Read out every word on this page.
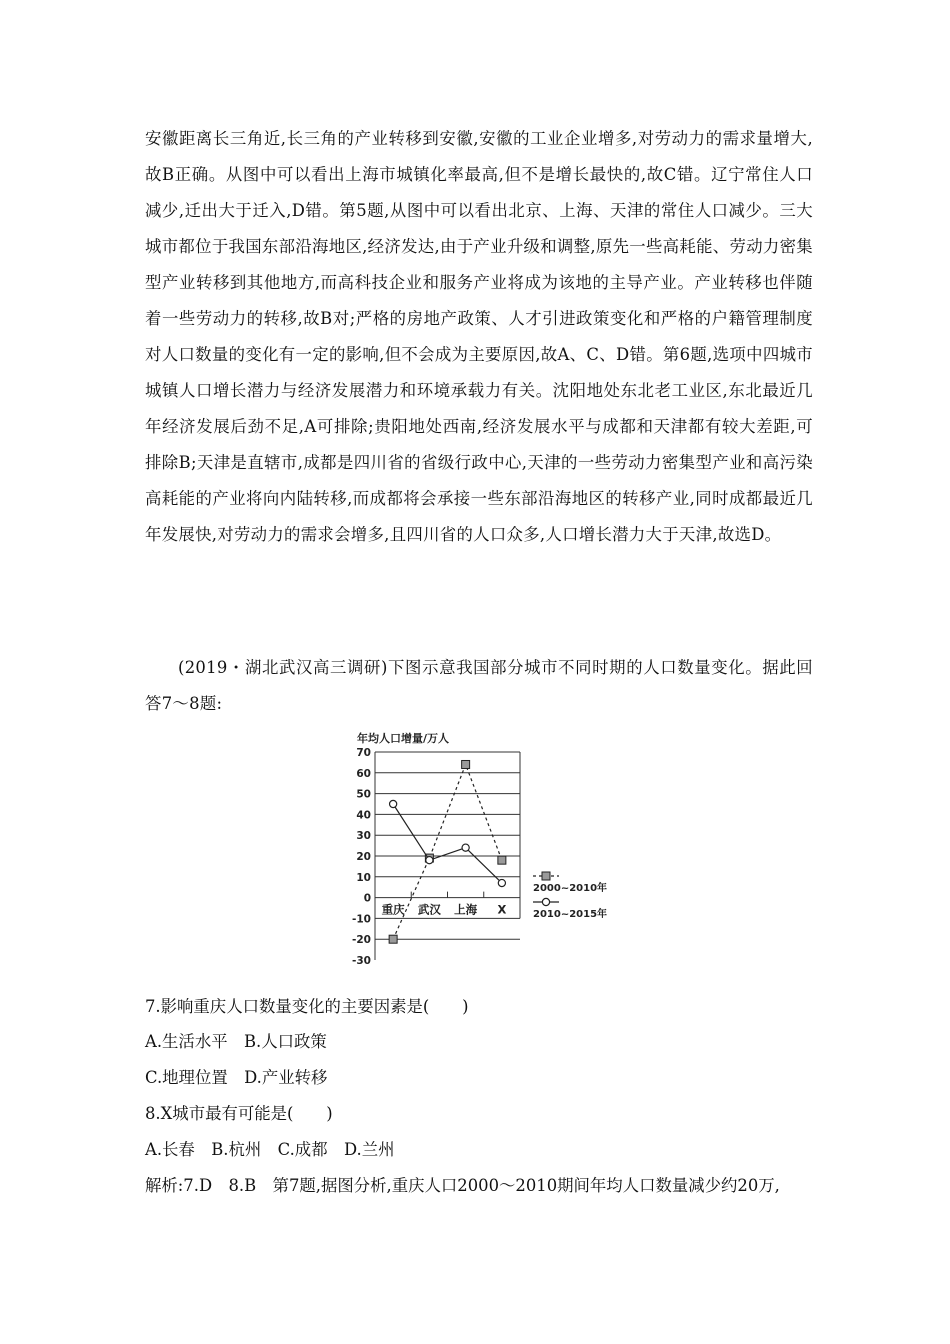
安徽距离长三角近,长三角的产业转移到安徽,安徽的工业企业增多,对劳动力的需求量增大,故B正确。从图中可以看出上海市城镇化率最高,但不是增长最快的,故C错。辽宁常住人口减少,迁出大于迁入,D错。第5题,从图中可以看出北京、上海、天津的常住人口减少。三大城市都位于我国东部沿海地区,经济发达,由于产业升级和调整,原先一些高耗能、劳动力密集型产业转移到其他地方,而高科技企业和服务产业将成为该地的主导产业。产业转移也伴随着一些劳动力的转移,故B对;严格的房地产政策、人才引进政策变化和严格的户籍管理制度对人口数量的变化有一定的影响,但不会成为主要原因,故A、C、D错。第6题,选项中四城市城镇人口增长潜力与经济发展潜力和环境承载力有关。沈阳地处东北老工业区,东北最近几年经济发展后劲不足,A可排除;贵阳地处西南,经济发展水平与成都和天津都有较大差距,可排除B;天津是直辖市,成都是四川省的省级行政中心,天津的一些劳动力密集型产业和高污染高耗能的产业将向内陆转移,而成都将会承接一些东部沿海地区的转移产业,同时成都最近几年发展快,对劳动力的需求会增多,且四川省的人口众多,人口增长潜力大于天津,故选D。

(2019・湖北武汉高三调研)下图示意我国部分城市不同时期的人口数量变化。据此回答7～8题:

年均人口增量/万人
70
60
50
40
30
20
10
0
-10
-20
-30
重庆 武汉 上海 X
2000~2010年
2010~2015年
7.影响重庆人口数量变化的主要因素是(　　)
A.生活水平　B.人口政策
C.地理位置　D.产业转移
8.X城市最有可能是(　　)
A.长春　B.杭州　C.成都　D.兰州
解析:7.D　8.B　第7题,据图分析,重庆人口2000～2010期间年均人口数量减少约20万,
